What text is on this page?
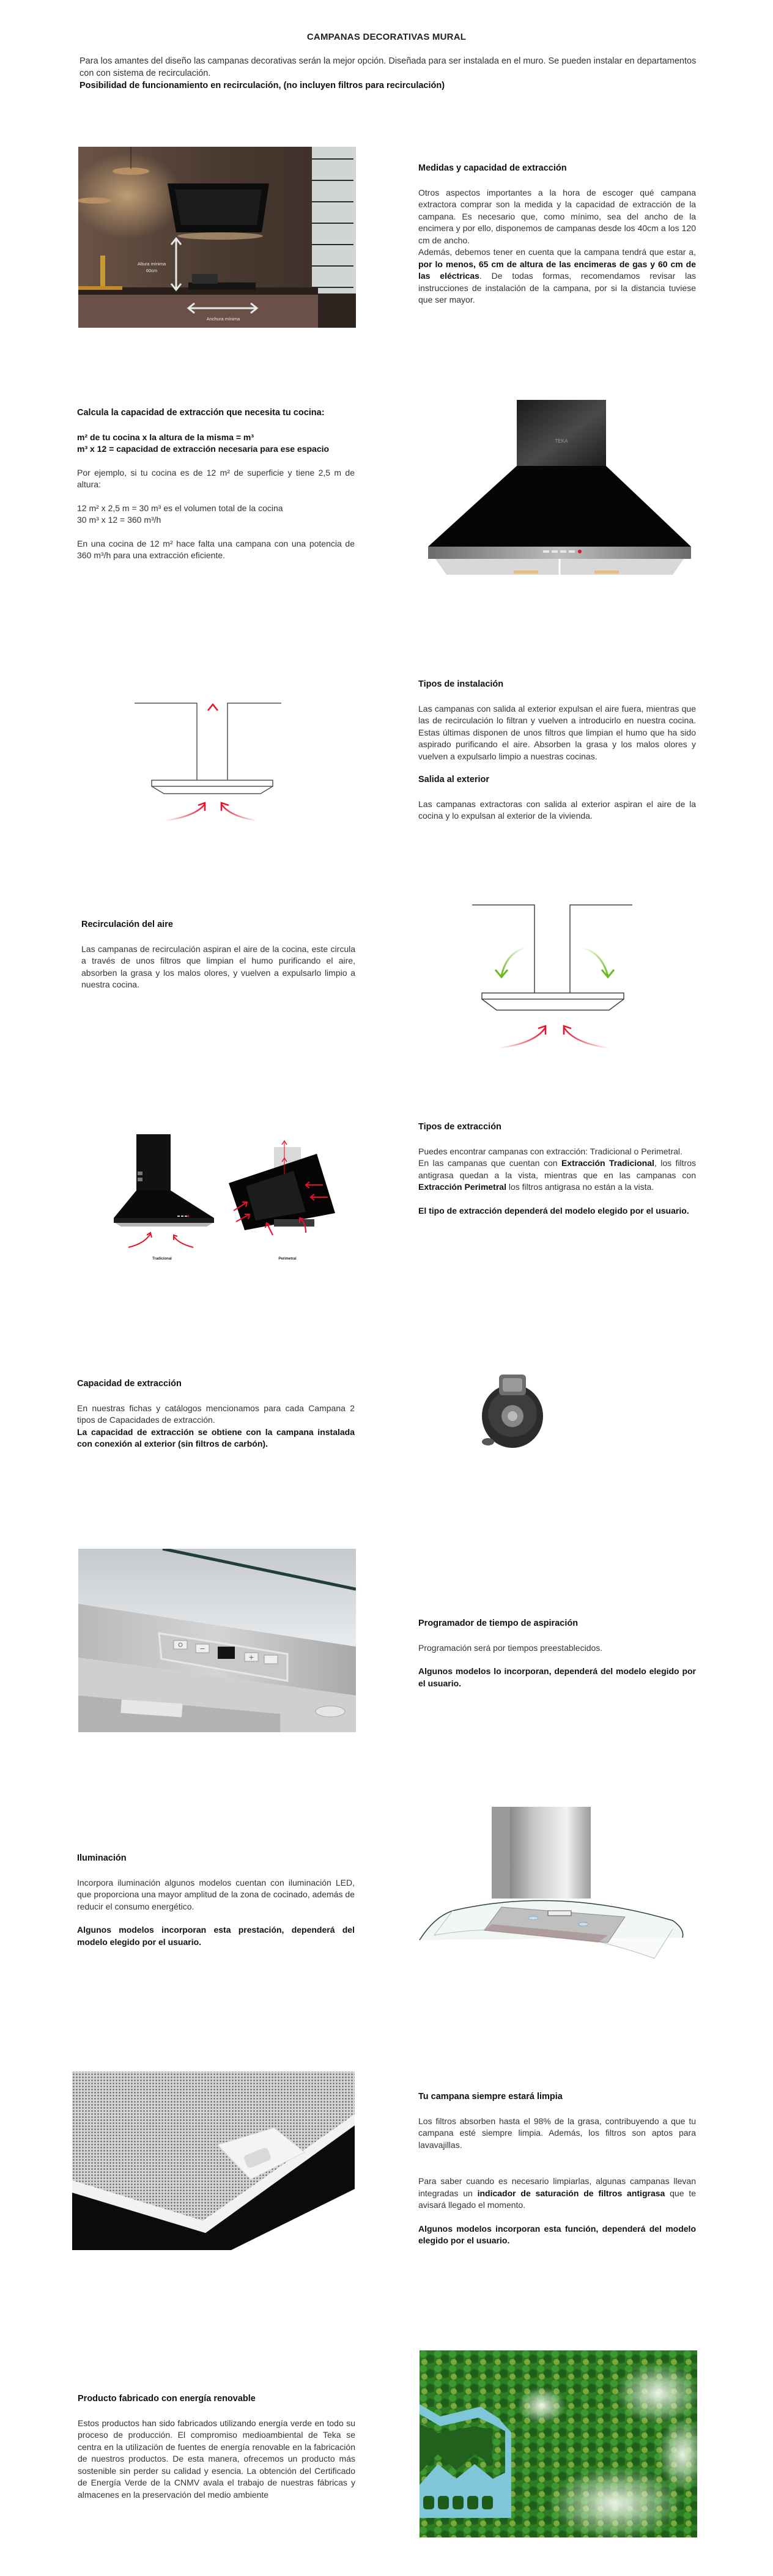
CAMPANAS DECORATIVAS MURAL
Para los amantes del diseño las campanas decorativas serán la mejor opción. Diseñada para ser instalada en el muro. Se pueden instalar en departamentos con con sistema de recirculación.
Posibilidad de funcionamiento en recirculación, (no incluyen filtros para recirculación)
Altura mínima
60cm
Anchura mínima
Medidas y capacidad de extracción

Otros aspectos importantes a la hora de escoger qué campana extractora comprar son la medida y la capacidad de extracción de la campana. Es necesario que, como mínimo, sea del ancho de la encimera y por ello, disponemos de campanas desde los 40cm a los 120 cm de ancho.

Además, debemos tener en cuenta que la campana tendrá que estar a, por lo menos, 65 cm de altura de las encimeras de gas y 60 cm de las eléctricas. De todas formas, recomendamos revisar las instrucciones de instalación de la campana, por si la distancia tuviese que ser mayor.

Calcula la capacidad de extracción que necesita tu cocina:

m² de tu cocina x la altura de la misma = m³
m³ x 12 = capacidad de extracción necesaria para ese espacio

Por ejemplo, si tu cocina es de 12 m² de superficie y tiene 2,5 m de altura:

12 m² x 2,5 m = 30 m³ es el volumen total de la cocina
30 m³ x 12 = 360 m³/h

En una cocina de 12 m² hace falta una campana con una potencia de 360 m³/h para una extracción eficiente.

TEKA
Tipos de instalación

Las campanas con salida al exterior expulsan el aire fuera, mientras que las de recirculación lo filtran y vuelven a introducirlo en nuestra cocina. Estas últimas disponen de unos filtros que limpian el humo que ha sido aspirado purificando el aire. Absorben la grasa y los malos olores y vuelven a expulsarlo limpio a nuestras cocinas.

Salida al exterior

Las campanas extractoras con salida al exterior aspiran el aire de la cocina y lo expulsan al exterior de la vivienda.

Recirculación del aire

Las campanas de recirculación aspiran el aire de la cocina, este circula a través de unos filtros que limpian el humo purificando el aire, absorben la grasa y los malos olores, y vuelven a expulsarlo limpio a nuestra cocina.

Tradicional	Perimetral
Tipos de extracción

Puedes encontrar campanas con extracción: Tradicional o Perimetral.

En las campanas que cuentan con Extracción Tradicional, los filtros antigrasa quedan a la vista, mientras que en las campanas con Extracción Perimetral los filtros antigrasa no están a la vista.

El tipo de extracción dependerá del modelo elegido por el usuario.

Capacidad de extracción

En nuestras fichas y catálogos mencionamos para cada Campana 2 tipos de Capacidades de extracción.

La capacidad de extracción se obtiene con la campana instalada con conexión al exterior (sin filtros de carbón).

−
+
Programador de tiempo de aspiración

Programación será por tiempos preestablecidos.

Algunos modelos lo incorporan, dependerá del modelo elegido por el usuario.

Iluminación

Incorpora iluminación algunos modelos cuentan con iluminación LED, que proporciona una mayor amplitud de la zona de cocinado, además de reducir el consumo energético.

Algunos modelos incorporan esta prestación, dependerá del modelo elegido por el usuario.

Tu campana siempre estará limpia

Los filtros absorben hasta el 98% de la grasa, contribuyendo a que tu campana esté siempre limpia. Además, los filtros son aptos para lavavajillas.

Para saber cuando es necesario limpiarlas, algunas campanas llevan integradas un indicador de saturación de filtros antigrasa que te avisará llegado el momento.

Algunos modelos incorporan esta función, dependerá del modelo elegido por el usuario.

Producto fabricado con energía renovable

Estos productos han sido fabricados utilizando energía verde en todo su proceso de producción. El compromiso medioambiental de Teka se centra en la utilización de fuentes de energía renovable en la fabricación de nuestros productos. De esta manera, ofrecemos un producto más sostenible sin perder su calidad y esencia. La obtención del Certificado de Energía Verde de la CNMV avala el trabajo de nuestras fábricas y almacenes en la preservación del medio ambiente
